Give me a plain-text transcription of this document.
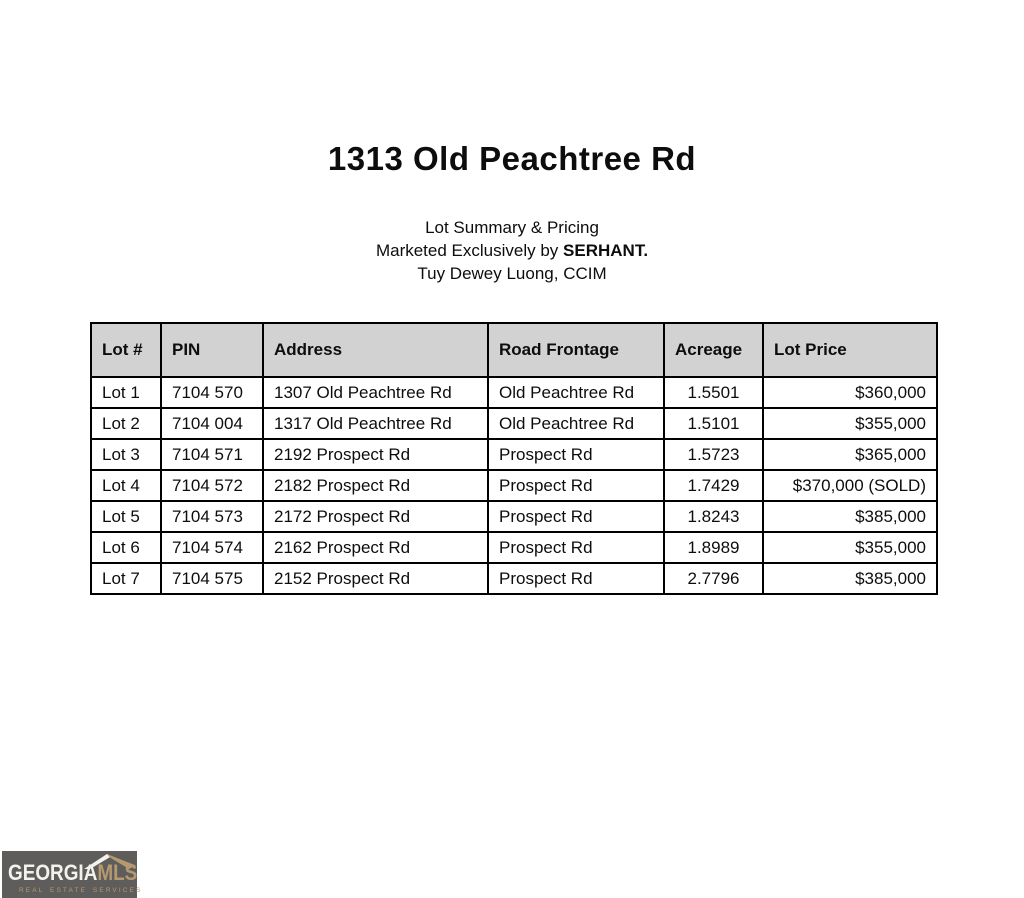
1313 Old Peachtree Rd
Lot Summary & Pricing
Marketed Exclusively by SERHANT.
Tuy Dewey Luong, CCIM
Lot #	PIN	Address	Road Frontage	Acreage	Lot Price
Lot 1	7104 570	1307 Old Peachtree Rd	Old Peachtree Rd	1.5501	$360,000
Lot 2	7104 004	1317 Old Peachtree Rd	Old Peachtree Rd	1.5101	$355,000
Lot 3	7104 571	2192 Prospect Rd	Prospect Rd	1.5723	$365,000
Lot 4	7104 572	2182 Prospect Rd	Prospect Rd	1.7429	$370,000 (SOLD)
Lot 5	7104 573	2172 Prospect Rd	Prospect Rd	1.8243	$385,000
Lot 6	7104 574	2162 Prospect Rd	Prospect Rd	1.8989	$355,000
Lot 7	7104 575	2152 Prospect Rd	Prospect Rd	2.7796	$385,000
GEORGIAMLS
REAL ESTATE SERVICES
